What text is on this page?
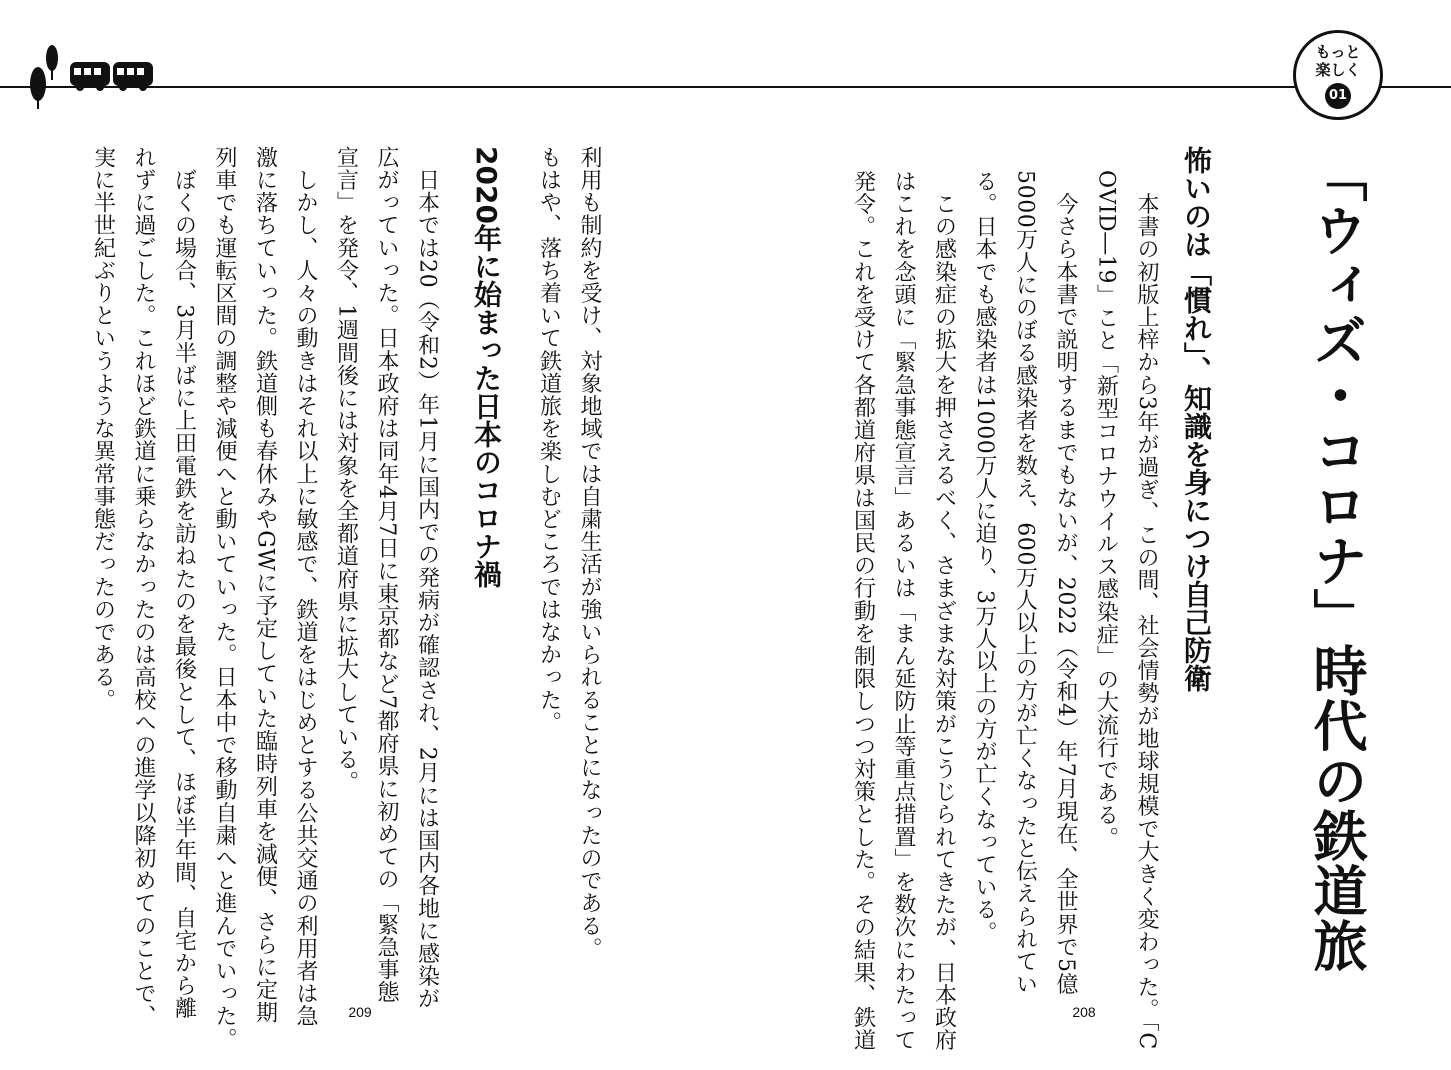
もっと
楽しく
01
「ウィズ・コロナ」時代の鉄道旅
怖いのは「慣れ」、知識を身につけ自己防衛
　本書の初版上梓から3年が過ぎ、この間、社会情勢が地球規模で大きく変わった。「C
OVID―19」こと「新型コロナウイルス感染症」の大流行である。
　今さら本書で説明するまでもないが、2022（令和4）年7月現在、全世界で5億
5000万人にのぼる感染者を数え、600万人以上の方が亡くなったと伝えられてい
る。日本でも感染者は1000万人に迫り、3万人以上の方が亡くなっている。
　この感染症の拡大を押さえるべく、さまざまな対策がこうじられてきたが、日本政府
はこれを念頭に「緊急事態宣言」あるいは「まん延防止等重点措置」を数次にわたって
発令。これを受けて各都道府県は国民の行動を制限しつつ対策とした。その結果、鉄道
利用も制約を受け、対象地域では自粛生活が強いられることになったのである。
もはや、落ち着いて鉄道旅を楽しむどころではなかった。
2020年に始まった日本のコロナ禍
　日本では20（令和2）年1月に国内での発病が確認され、2月には国内各地に感染が
広がっていった。日本政府は同年4月7日に東京都など7都府県に初めての「緊急事態
宣言」を発令、1週間後には対象を全都道府県に拡大している。
　しかし、人々の動きはそれ以上に敏感で、鉄道をはじめとする公共交通の利用者は急
激に落ちていった。鉄道側も春休みやGWに予定していた臨時列車を減便、さらに定期
列車でも運転区間の調整や減便へと動いていった。日本中で移動自粛へと進んでいった。
　ぼくの場合、3月半ばに上田電鉄を訪ねたのを最後として、ほぼ半年間、自宅から離
れずに過ごした。これほど鉄道に乗らなかったのは高校への進学以降初めてのことで、
実に半世紀ぶりというような異常事態だったのである。
209	208
